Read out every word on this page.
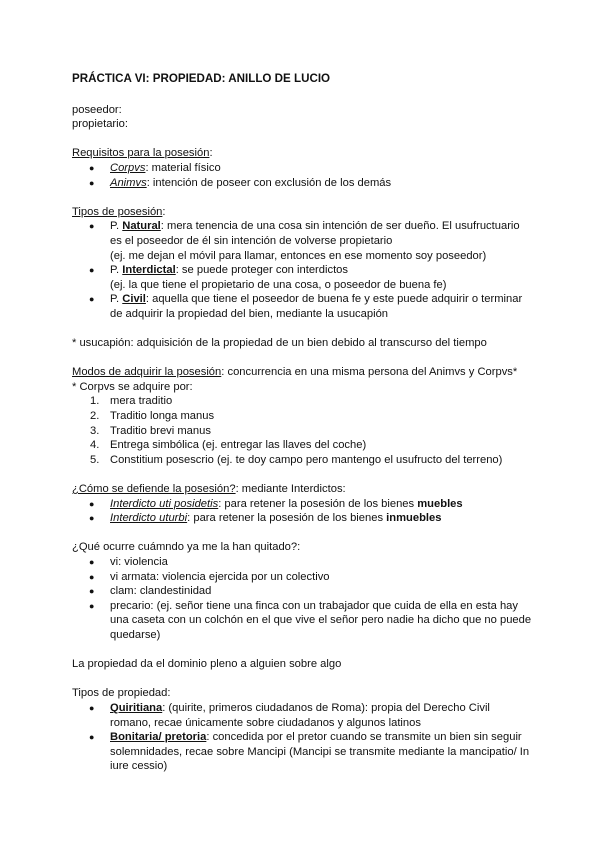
PRÁCTICA VI: PROPIEDAD: ANILLO DE LUCIO

poseedor:

propietario:

Requisitos para la posesión:

● Corpvs: material físico
● Animvs: intención de poseer con exclusión de los demás

Tipos de posesión:

● P. Natural: mera tenencia de una cosa sin intención de ser dueño. El usufructuario es el poseedor de él sin intención de volverse propietario
(ej. me dejan el móvil para llamar, entonces en ese momento soy poseedor)
● P. Interdictal: se puede proteger con interdictos
(ej. la que tiene el propietario de una cosa, o poseedor de buena fe)
● P. Civil: aquella que tiene el poseedor de buena fe y este puede adquirir o terminar de adquirir la propiedad del bien, mediante la usucapión

* usucapión: adquisición de la propiedad de un bien debido al transcurso del tiempo

Modos de adquirir la posesión: concurrencia en una misma persona del Animvs y Corpvs*

* Corpvs se adquire por:

1. mera traditio
2. Traditio longa manus
3. Traditio brevi manus
4. Entrega simbólica (ej. entregar las llaves del coche)
5. Constitium posescrio (ej. te doy campo pero mantengo el usufructo del terreno)

¿Cómo se defiende la posesión?: mediante Interdictos:

● Interdicto uti posidetis: para retener la posesión de los bienes muebles
● Interdicto uturbi: para retener la posesión de los bienes inmuebles

¿Qué ocurre cuámndo ya me la han quitado?:

● vi: violencia
● vi armata: violencia ejercida por un colectivo
● clam: clandestinidad
● precario: (ej. señor tiene una finca con un trabajador que cuida de ella en esta hay una caseta con un colchón en el que vive el señor pero nadie ha dicho que no puede quedarse)

La propiedad da el dominio pleno a alguien sobre algo

Tipos de propiedad:

● Quiritiana: (quirite, primeros ciudadanos de Roma): propia del Derecho Civil romano, recae únicamente sobre ciudadanos y algunos latinos
● Bonitaria/ pretoria: concedida por el pretor cuando se transmite un bien sin seguir solemnidades, recae sobre Mancipi (Mancipi se transmite mediante la mancipatio/ In iure cessio)
